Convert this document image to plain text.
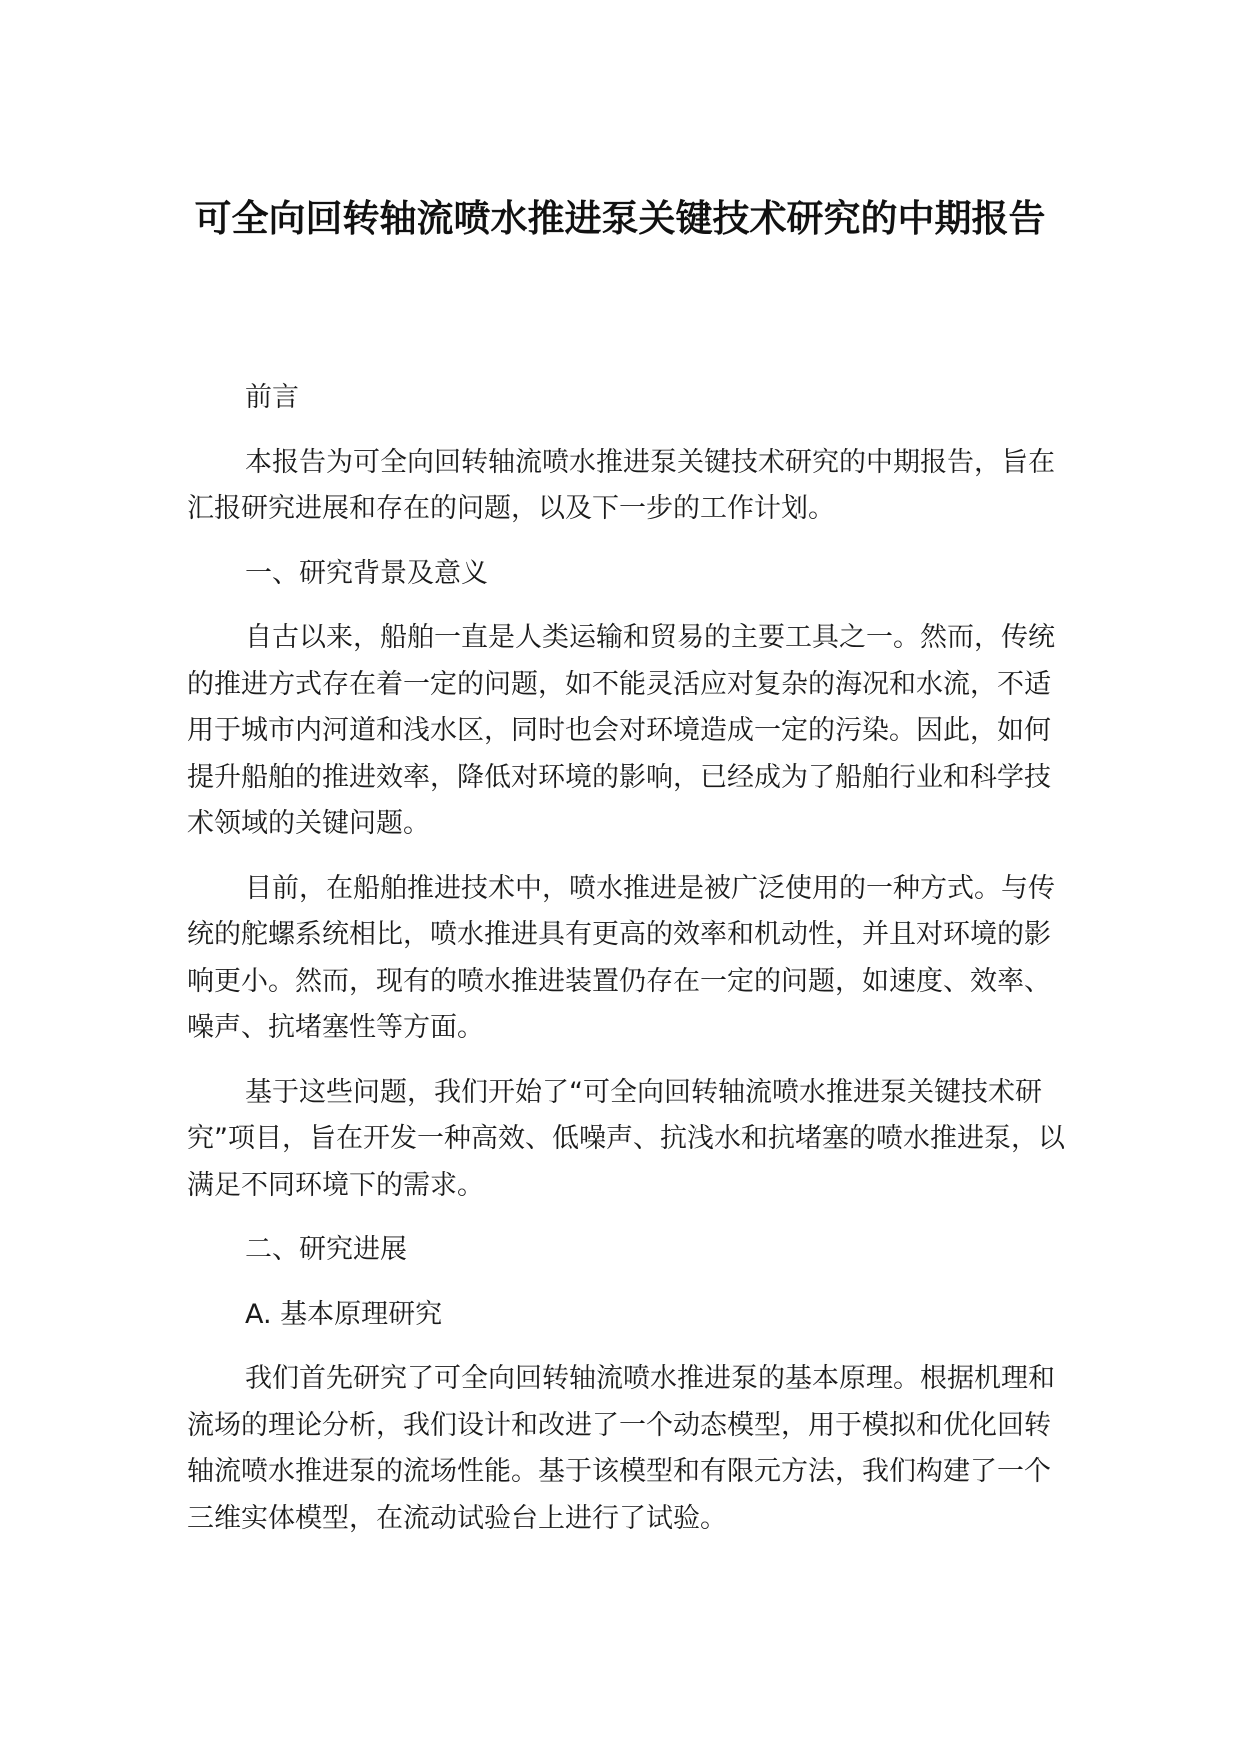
可全向回转轴流喷水推进泵关键技术研究的中期报告

前言

本报告为可全向回转轴流喷水推进泵关键技术研究的中期报告，旨在汇报研究进展和存在的问题，以及下一步的工作计划。

一、研究背景及意义

自古以来，船舶一直是人类运输和贸易的主要工具之一。然而，传统的推进方式存在着一定的问题，如不能灵活应对复杂的海况和水流，不适用于城市内河道和浅水区，同时也会对环境造成一定的污染。因此，如何提升船舶的推进效率，降低对环境的影响，已经成为了船舶行业和科学技术领域的关键问题。

目前，在船舶推进技术中，喷水推进是被广泛使用的一种方式。与传统的舵螺系统相比，喷水推进具有更高的效率和机动性，并且对环境的影响更小。然而，现有的喷水推进装置仍存在一定的问题，如速度、效率、噪声、抗堵塞性等方面。

基于这些问题，我们开始了“可全向回转轴流喷水推进泵关键技术研究”项目，旨在开发一种高效、低噪声、抗浅水和抗堵塞的喷水推进泵，以满足不同环境下的需求。

二、研究进展

A. 基本原理研究

我们首先研究了可全向回转轴流喷水推进泵的基本原理。根据机理和流场的理论分析，我们设计和改进了一个动态模型，用于模拟和优化回转轴流喷水推进泵的流场性能。基于该模型和有限元方法，我们构建了一个三维实体模型，在流动试验台上进行了试验。
